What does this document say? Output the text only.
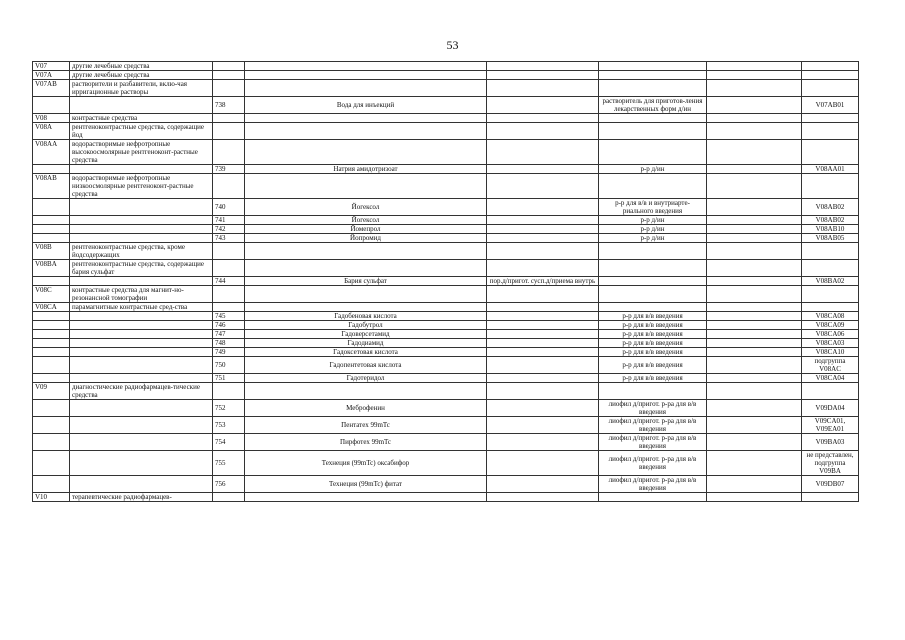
53
V07	другие лечебные средства						
V07A	другие лечебные средства						
V07AB	растворители и разбавители, вклю-чая ирригационные растворы						
		738	Вода для инъекций		растворитель для приготов-ления лекарственных форм д/ин		V07AB01
V08	контрастные средства						
V08A	рентгеноконтрастные средства, содержащие йод						
V08AA	водорастворимые нефротропные высокоосмолярные рентгеноконт-растные средства						
		739	Натрия амидотризоат		р-р д/ин		V08AA01
V08AB	водорастворимые нефротропные низкоосмолярные рентгеноконт-растные средства						
		740	Йогексол		р-р для в/в и внутриарте-риального введения		V08AB02
		741	Йогексол		р-р д/ин		V08AB02
		742	Йомепрол		р-р д/ин		V08AB10
		743	Йопромид		р-р д/ин		V08AB05
V08B	рентгеноконтрастные средства, кроме йодсодержащих						
V08BA	рентгеноконтрастные средства, содержащие бария сульфат						
		744	Бария сульфат	пор.д/пригот. сусп.д/приема внутрь			V08BA02
V08C	контрастные средства для магнит-но-резонансной томографии						
V08CA	парамагнитные контрастные сред-ства						
		745	Гадобеновая кислота		р-р для в/в введения		V08CA08
		746	Гадобутрол		р-р для в/в введения		V08CA09
		747	Гадоверсетамид		р-р для в/в введения		V08CA06
		748	Гадодиамид		р-р для в/в введения		V08CA03
		749	Гадоксетовая кислота		р-р для в/в введения		V08CA10
		750	Гадопентетовая кислота		р-р для в/в введения		подгруппа V08AC
		751	Гадотеридол		р-р для в/в введения		V08CA04
V09	диагностические радиофармацев-тические средства						
		752	Меброфенин		лиофил д/пригот. р-ра для в/в введения		V09DA04
		753	Пентатех 99mTc		лиофил д/пригот. р-ра для в/в введения		V09CA01, V09EA01
		754	Пирфотех 99mTc		лиофил д/пригот. р-ра для в/в введения		V09BA03
		755	Технеция (99mTc) оксабифор		лиофил д/пригот. р-ра для в/в введения		не представлен, подгруппа V09BA
		756	Технеция (99mTc) фитат		лиофил д/пригот. р-ра для в/в введения		V09DB07
V10	терапевтические радиофармацев-						
